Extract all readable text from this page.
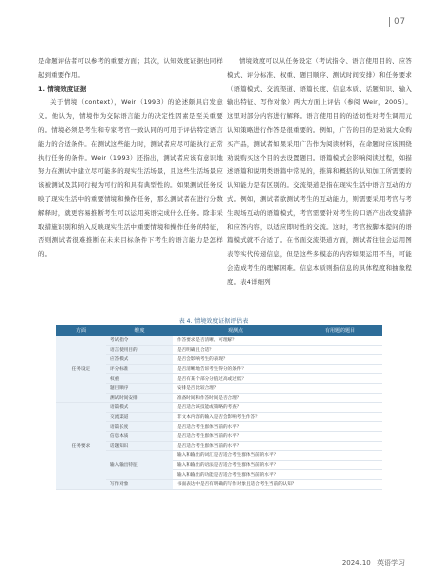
07

是命题评估者可以参考的重要方面；其次，认知效度证据也同样起到重要作用。

1. 情境效度证据

关于情境（context），Weir（1993）的论述颇具启发意义。他认为，情境作为交际语言能力的决定性因素是至关重要的。情境必须是考生和专家考官一致认同的可用于评估特定语言能力的合适条件。在测试这些能力时，测试者应尽可能执行正常执行任务的条件。Weir（1993）还指出，测试者应该有意识地努力在测试中建立尽可能多的现实生活场景，且这些生活场景应该被测试及其同行视为可行的和具有典型性的。如果测试任务反映了现实生活中的重要情境和操作任务，那么测试者在进行分数解释时，就更容易推断考生可以运用英语完成什么任务。除非采取措施识别和纳入反映现实生活中重要情境和操作任务的特征，否则测试者很难推断在未来目标条件下考生的语言能力是怎样的。

情境效度可以从任务设定（考试指令、语言使用目的、应答模式、评分标准、权重、题目顺序、测试时间安排）和任务要求（语篇模式、交流渠道、语篇长度、信息本质、话题知识、输入输出特征、写作对象）两大方面上评估（参阅 Weir，2005）。这里对部分内容进行解释。语言使用目的的适切性对考生调用元认知策略进行作答是很重要的。例如，广告的目的是劝说大众购买产品，测试者如果采用广告作为阅读材料，在命题时应该围绕劝说购买这个目的去设置题目。语篇模式会影响阅读过程，如描述语篇和说明类语篇中常见的，推算和概括的认知加工所需要的认知能力是有区别的。交流渠道是指在现实生活中语言互动的方式。例如，测试者欲测试考生的互动能力，则需要采用考官与考生现场互动的语篇模式，考官需要针对考生的口语产出改变措辞和应答内容，以适应即时性的交流。这时，考官按脚本提问的语篇模式就不合适了。在书面交流渠道方面，测试者往往会运用图表等实代传递信息，但是这些多模态的内容如果运用不当，可能会造成考生的理解困难。信息本质则指信息的具体程度和抽象程度。表4详细列

表 4. 情境效度证据评估表
方面	维度	观测点	有用题的题目
任务设定	考试指令	作答要求是否清晰、可理解？	
	语言使用目的	是否明确且合适？	
	应答模式	是否会影响考生的表现？	
	评分标准	是否清晰地告诉考生得分的条件？	
	权重	是否有某个部分分值过高或过低？	
	题目顺序	安排是否比较合理？	
	测试时间安排	准备时间和作答时间是否合理？	
任务要求	语篇模式	是否适合该技能或策略的考查？	
	交流渠道	非文本内容的输入是否会影响考生作答？	
	语篇长度	是否适合考生群体当前的水平？	
	信息本质	是否适合考生群体当前的水平？	
	话题知识	是否适合考生群体当前的水平？	
	输入输出特征	输入和输出的词汇是否适合考生群体当前的水平？	
		输入和输出的语法是否适合考生群体当前的水平？	
		输入和输出的功能是否适合考生群体当前的水平？	
	写作对象	书面表达中是否有明确的写作对象且适合考生当前的认知？	
2024.10 英语学习
